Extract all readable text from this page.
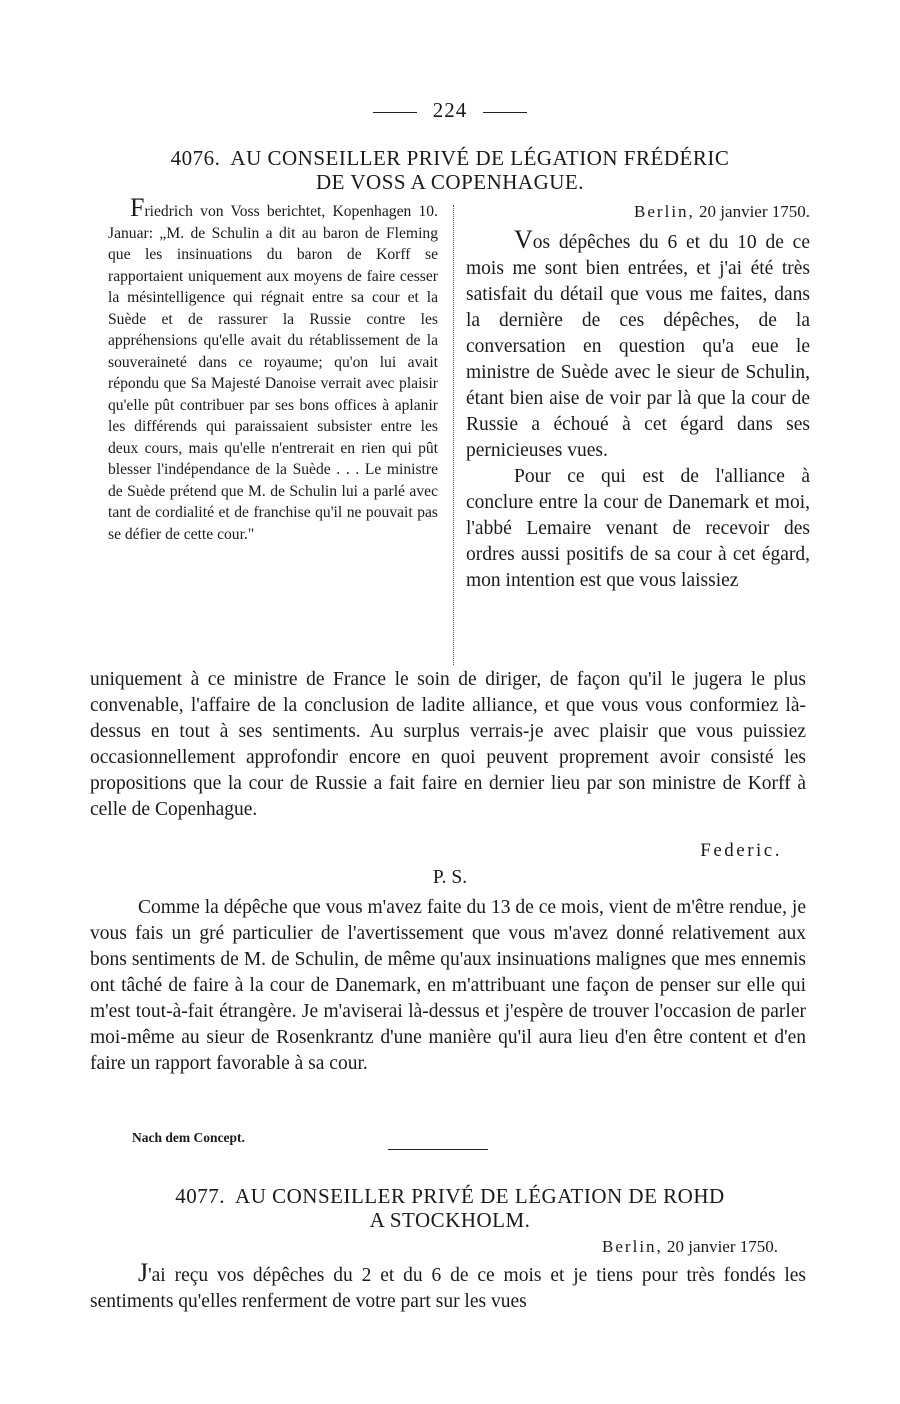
224
4076. AU CONSEILLER PRIVÉ DE LÉGATION FRÉDÉRIC
DE VOSS A COPENHAGUE.
Friedrich von Voss berichtet, Kopenhagen 10. Januar: „M. de Schulin a dit au baron de Fleming que les insinuations du baron de Korff se rapportaient uniquement aux moyens de faire cesser la mésintelligence qui régnait entre sa cour et la Suède et de rassurer la Russie contre les appréhensions qu'elle avait du rétablissement de la souveraineté dans ce royaume; qu'on lui avait répondu que Sa Majesté Danoise verrait avec plaisir qu'elle pût contribuer par ses bons offices à aplanir les différends qui paraissaient subsister entre les deux cours, mais qu'elle n'entrerait en rien qui pût blesser l'indépendance de la Suède . . . Le ministre de Suède prétend que M. de Schulin lui a parlé avec tant de cordialité et de franchise qu'il ne pouvait pas se défier de cette cour."
Berlin, 20 janvier 1750.

Vos dépêches du 6 et du 10 de ce mois me sont bien entrées, et j'ai été très satisfait du détail que vous me faites, dans la dernière de ces dépêches, de la conversation en question qu'a eue le ministre de Suède avec le sieur de Schulin, étant bien aise de voir par là que la cour de Russie a échoué à cet égard dans ses pernicieuses vues.

Pour ce qui est de l'alliance à conclure entre la cour de Danemark et moi, l'abbé Lemaire venant de recevoir des ordres aussi positifs de sa cour à cet égard, mon intention est que vous laissiez

uniquement à ce ministre de France le soin de diriger, de façon qu'il le jugera le plus convenable, l'affaire de la conclusion de ladite alliance, et que vous vous conformiez là-dessus en tout à ses sentiments. Au surplus verrais-je avec plaisir que vous puissiez occasionnellement approfondir encore en quoi peuvent proprement avoir consisté les propositions que la cour de Russie a fait faire en dernier lieu par son ministre de Korff à celle de Copenhague.

Federic.
P. S.

Comme la dépêche que vous m'avez faite du 13 de ce mois, vient de m'être rendue, je vous fais un gré particulier de l'avertissement que vous m'avez donné relativement aux bons sentiments de M. de Schulin, de même qu'aux insinuations malignes que mes ennemis ont tâché de faire à la cour de Danemark, en m'attribuant une façon de penser sur elle qui m'est tout-à-fait étrangère. Je m'aviserai là-dessus et j'espère de trouver l'occasion de parler moi-même au sieur de Rosenkrantz d'une manière qu'il aura lieu d'en être content et d'en faire un rapport favorable à sa cour.

Nach dem Concept.
4077. AU CONSEILLER PRIVÉ DE LÉGATION DE ROHD
A STOCKHOLM.
Berlin, 20 janvier 1750.

J'ai reçu vos dépêches du 2 et du 6 de ce mois et je tiens pour très fondés les sentiments qu'elles renferment de votre part sur les vues
